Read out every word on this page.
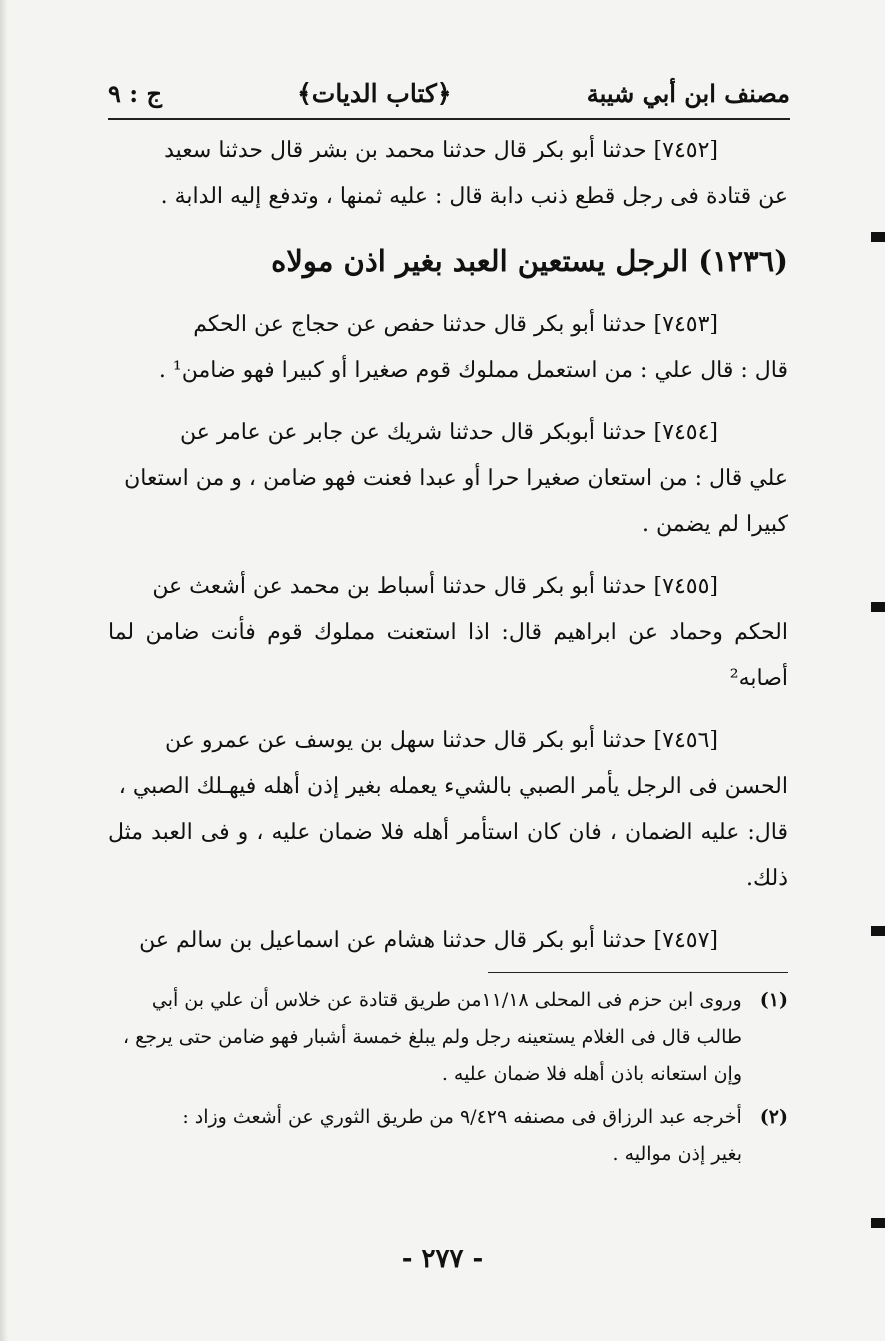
مصنف ابن أبي شيبة
﴿كتاب الديات﴾
ج : ٩
[٧٤٥٢] حدثنا أبو بكر قال حدثنا محمد بن بشر قال حدثنا سعيد
عن قتادة فى رجل قطع ذنب دابة قال : عليه ثمنها ، وتدفع إليه الدابة .
(١٢٣٦) الرجل يستعين العبد بغير اذن مولاه
[٧٤٥٣] حدثنا أبو بكر قال حدثنا حفص عن حجاج عن الحكم
قال : قال علي : من استعمل مملوك قوم صغيرا أو كبيرا فهو ضامن¹ .
[٧٤٥٤] حدثنا أبوبكر قال حدثنا شريك عن جابر عن عامر عن
علي قال : من استعان صغيرا حرا أو عبدا فعنت فهو ضامن ، و من استعان
كبيرا لم يضمن .
[٧٤٥٥] حدثنا أبو بكر قال حدثنا أسباط بن محمد عن أشعث عن
الحكم وحماد عن ابراهيم قال: اذا استعنت مملوك قوم فأنت ضامن لما أصابه²
[٧٤٥٦] حدثنا أبو بكر قال حدثنا سهل بن يوسف عن عمرو عن
الحسن فى الرجل يأمر الصبي بالشيء يعمله بغير إذن أهله فيهـلك الصبي ،
قال: عليه الضمان ، فان كان استأمر أهله فلا ضمان عليه ، و فى العبد مثل ذلك.
[٧٤٥٧] حدثنا أبو بكر قال حدثنا هشام عن اسماعيل بن سالم عن
(١) وروى ابن حزم فى المحلى ١١/١٨من طريق قتادة عن خلاس أن علي بن أبي
طالب قال فى الغلام يستعينه رجل ولم يبلغ خمسة أشبار فهو ضامن حتى يرجع ،
وإن استعانه باذن أهله فلا ضمان عليه .
(٢) أخرجه عبد الرزاق فى مصنفه ٩/٤٢٩ من طريق الثوري عن أشعث وزاد :
بغير إذن مواليه .
- ٢٧٧ -
